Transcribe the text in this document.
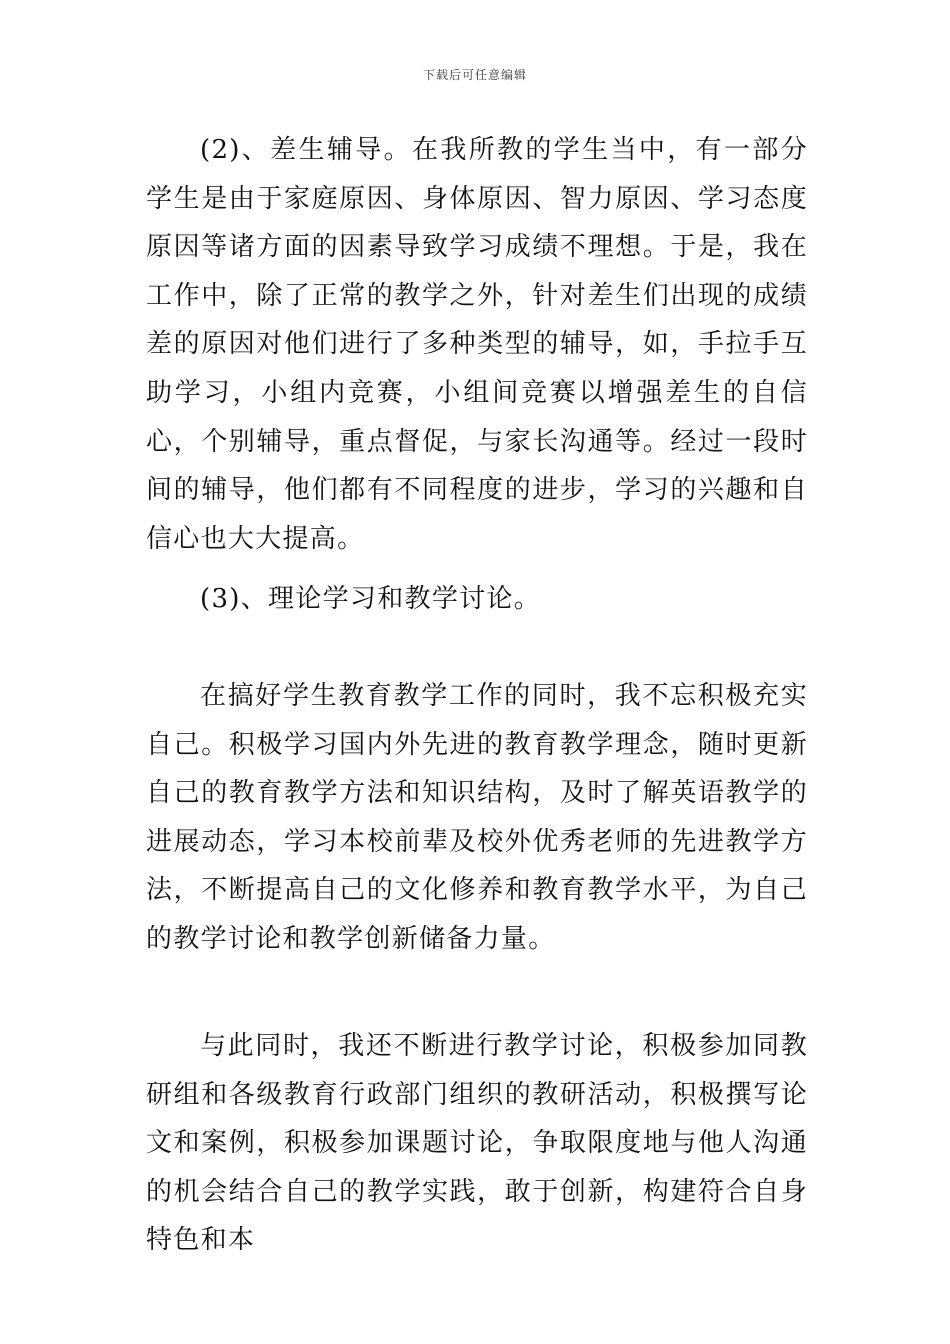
下载后可任意编辑

(2)、差生辅导。在我所教的学生当中，有一部分学生是由于家庭原因、身体原因、智力原因、学习态度原因等诸方面的因素导致学习成绩不理想。于是，我在工作中，除了正常的教学之外，针对差生们出现的成绩差的原因对他们进行了多种类型的辅导，如，手拉手互助学习，小组内竞赛，小组间竞赛以增强差生的自信心，个别辅导，重点督促，与家长沟通等。经过一段时间的辅导，他们都有不同程度的进步，学习的兴趣和自信心也大大提高。

(3)、理论学习和教学讨论。

在搞好学生教育教学工作的同时，我不忘积极充实自己。积极学习国内外先进的教育教学理念，随时更新自己的教育教学方法和知识结构，及时了解英语教学的进展动态，学习本校前辈及校外优秀老师的先进教学方法，不断提高自己的文化修养和教育教学水平，为自己的教学讨论和教学创新储备力量。

与此同时，我还不断进行教学讨论，积极参加同教研组和各级教育行政部门组织的教研活动，积极撰写论文和案例，积极参加课题讨论，争取限度地与他人沟通的机会结合自己的教学实践，敢于创新，构建符合自身特色和本
